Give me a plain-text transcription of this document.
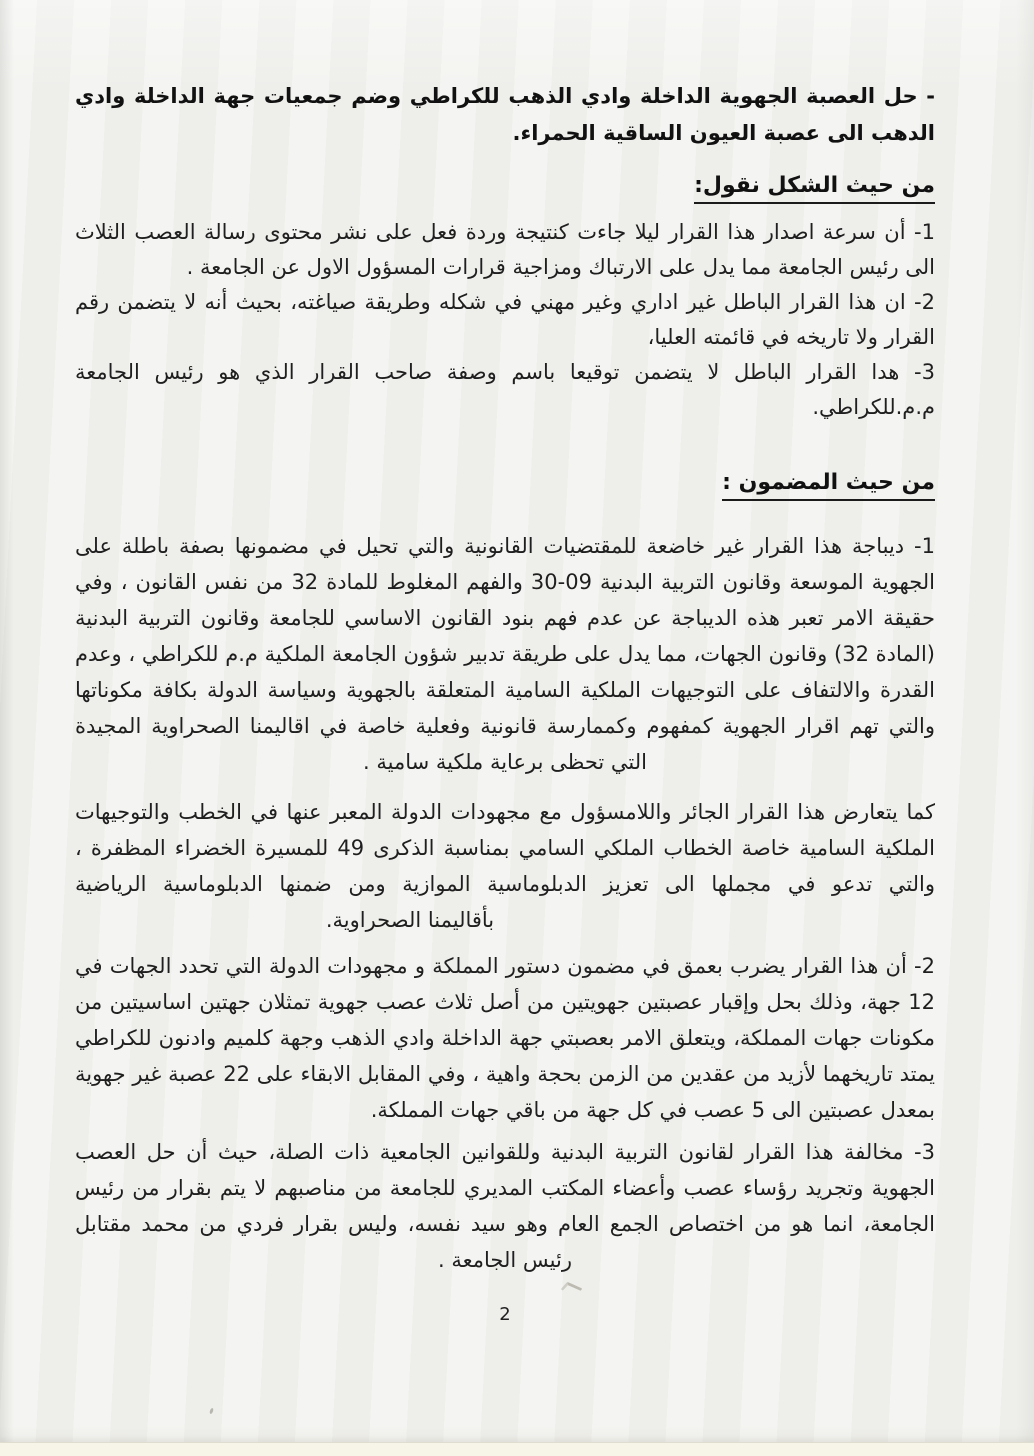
- حل العصبة الجهوية الداخلة وادي الذهب للكراطي وضم جمعيات جهة الداخلة وادي الدهب الى عصبة العيون الساقية الحمراء.

من حيث الشكل نقول:

1- أن سرعة اصدار هذا القرار ليلا جاءت كنتيجة وردة فعل على نشر محتوى رسالة العصب الثلاث الى رئيس الجامعة مما يدل على الارتباك ومزاجية قرارات المسؤول الاول عن الجامعة .

2- ان هذا القرار الباطل غير اداري وغير مهني في شكله وطريقة صياغته، بحيث أنه لا يتضمن رقم القرار ولا تاريخه في قائمته العليا،

3- هدا القرار الباطل لا يتضمن توقيعا باسم وصفة صاحب القرار الذي هو رئيس الجامعة م.م.للكراطي.

من حيث المضمون :

1- ديباجة هذا القرار غير خاضعة للمقتضيات القانونية والتي تحيل في مضمونها بصفة باطلة على الجهوية الموسعة وقانون التربية البدنية 09-30 والفهم المغلوط للمادة 32 من نفس القانون ، وفي حقيقة الامر تعبر هذه الديباجة عن عدم فهم بنود القانون الاساسي للجامعة وقانون التربية البدنية (المادة 32) وقانون الجهات، مما يدل على طريقة تدبير شؤون الجامعة الملكية م.م للكراطي ، وعدم القدرة والالتفاف على التوجيهات الملكية السامية المتعلقة بالجهوية وسياسة الدولة بكافة مكوناتها والتي تهم اقرار الجهوية كمفهوم وكممارسة قانونية وفعلية خاصة في اقاليمنا الصحراوية المجيدة

التي تحظى برعاية ملكية سامية .

كما يتعارض هذا القرار الجائر واللامسؤول مع مجهودات الدولة المعبر عنها في الخطب والتوجيهات الملكية السامية خاصة الخطاب الملكي السامي بمناسبة الذكرى 49 للمسيرة الخضراء المظفرة ، والتي تدعو في مجملها الى تعزيز الدبلوماسية الموازية ومن ضمنها الدبلوماسية الرياضية

بأقاليمنا الصحراوية.

2- أن هذا القرار يضرب بعمق في مضمون دستور المملكة و مجهودات الدولة التي تحدد الجهات في 12 جهة، وذلك بحل وإقبار عصبتين جهويتين من أصل ثلاث عصب جهوية تمثلان جهتين اساسيتين من مكونات جهات المملكة، ويتعلق الامر بعصبتي جهة الداخلة وادي الذهب وجهة كلميم وادنون للكراطي يمتد تاريخهما لأزيد من عقدين من الزمن بحجة واهية ، وفي المقابل الابقاء على 22 عصبة غير جهوية بمعدل عصبتين الى 5 عصب في كل جهة من باقي جهات المملكة.

3- مخالفة هذا القرار لقانون التربية البدنية وللقوانين الجامعية ذات الصلة، حيث أن حل العصب الجهوية وتجريد رؤساء عصب وأعضاء المكتب المديري للجامعة من مناصبهم لا يتم بقرار من رئيس الجامعة، انما هو من اختصاص الجمع العام وهو سيد نفسه، وليس بقرار فردي من محمد مقتابل

رئيس الجامعة .

2
